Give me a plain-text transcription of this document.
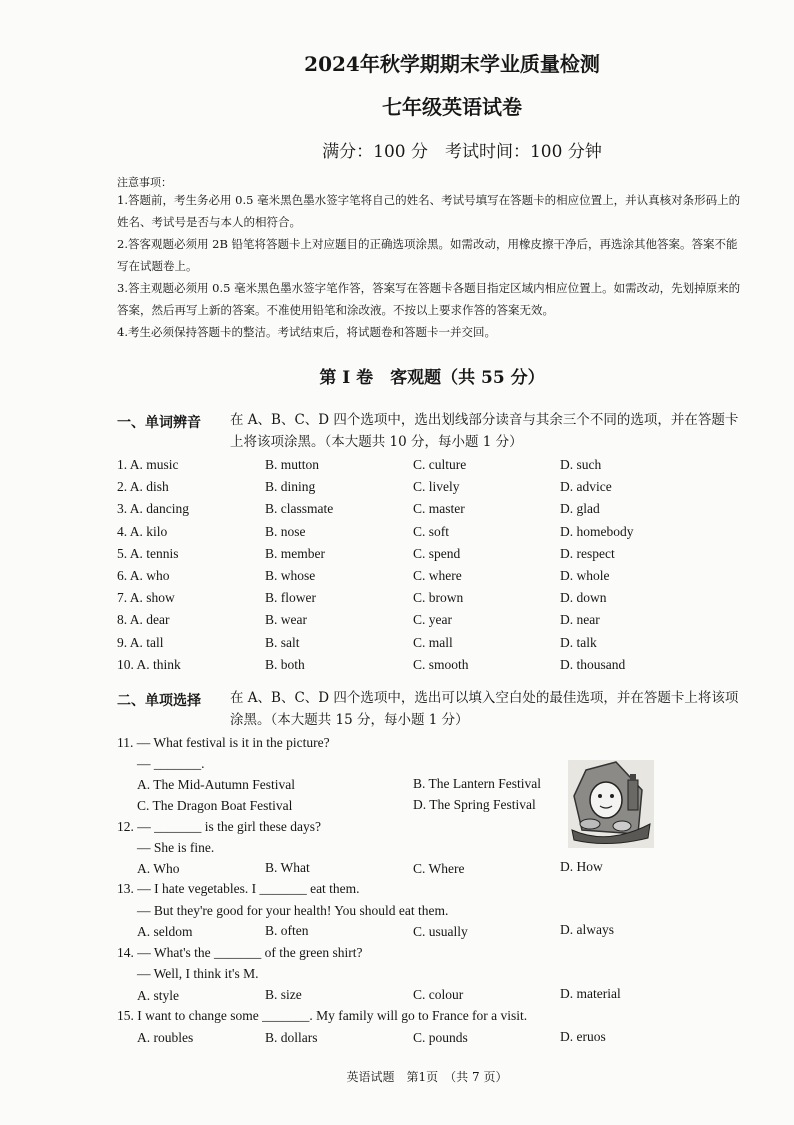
2024年秋学期期末学业质量检测
七年级英语试卷
满分：100 分　考试时间：100 分钟
注意事项：
1.答题前，考生务必用 0.5 毫米黑色墨水签字笔将自己的姓名、考试号填写在答题卡的相应位置上，并认真核对条形码上的姓名、考试号是否与本人的相符合。
2.答客观题必须用 2B 铅笔将答题卡上对应题目的正确选项涂黑。如需改动，用橡皮擦干净后，再选涂其他答案。答案不能写在试题卷上。
3.答主观题必须用 0.5 毫米黑色墨水签字笔作答，答案写在答题卡各题目指定区域内相应位置上。如需改动，先划掉原来的答案，然后再写上新的答案。不准使用铅笔和涂改液。不按以上要求作答的答案无效。
4.考生必须保持答题卡的整洁。考试结束后，将试题卷和答题卡一并交回。
第 I 卷　客观题（共 55 分）
一、单词辨音 在 A、B、C、D 四个选项中，选出划线部分读音与其余三个不同的选项，并在答题卡上将该项涂黑。（本大题共 10 分，每小题 1 分）
1. A. music	B. mutton	C. culture	D. such
2. A. dish	B. dining	C. lively	D. advice
3. A. dancing	B. classmate	C. master	D. glad
4. A. kilo	B. nose	C. soft	D. homebody
5. A. tennis	B. member	C. spend	D. respect
6. A. who	B. whose	C. where	D. whole
7. A. show	B. flower	C. brown	D. down
8. A. dear	B. wear	C. year	D. near
9. A. tall	B. salt	C. mall	D. talk
10. A. think	B. both	C. smooth	D. thousand
二、单项选择 在 A、B、C、D 四个选项中，选出可以填入空白处的最佳选项，并在答题卡上将该项涂黑。（本大题共 15 分，每小题 1 分）
11. — What festival is it in the picture?
— _______.
A. The Mid-Autumn Festival	B. The Lantern Festival
C. The Dragon Boat Festival	D. The Spring Festival
12. — _______ is the girl these days?
— She is fine.
A. Who	B. What	C. Where	D. How
13. — I hate vegetables. I _______ eat them.
— But they're good for your health! You should eat them.
A. seldom	B. often	C. usually	D. always
14. — What's the _______ of the green shirt?
— Well, I think it's M.
A. style	B. size	C. colour	D. material
15. I want to change some _______. My family will go to France for a visit.
A. roubles	B. dollars	C. pounds	D. eruos
英语试题　第1页　（共 7 页）
